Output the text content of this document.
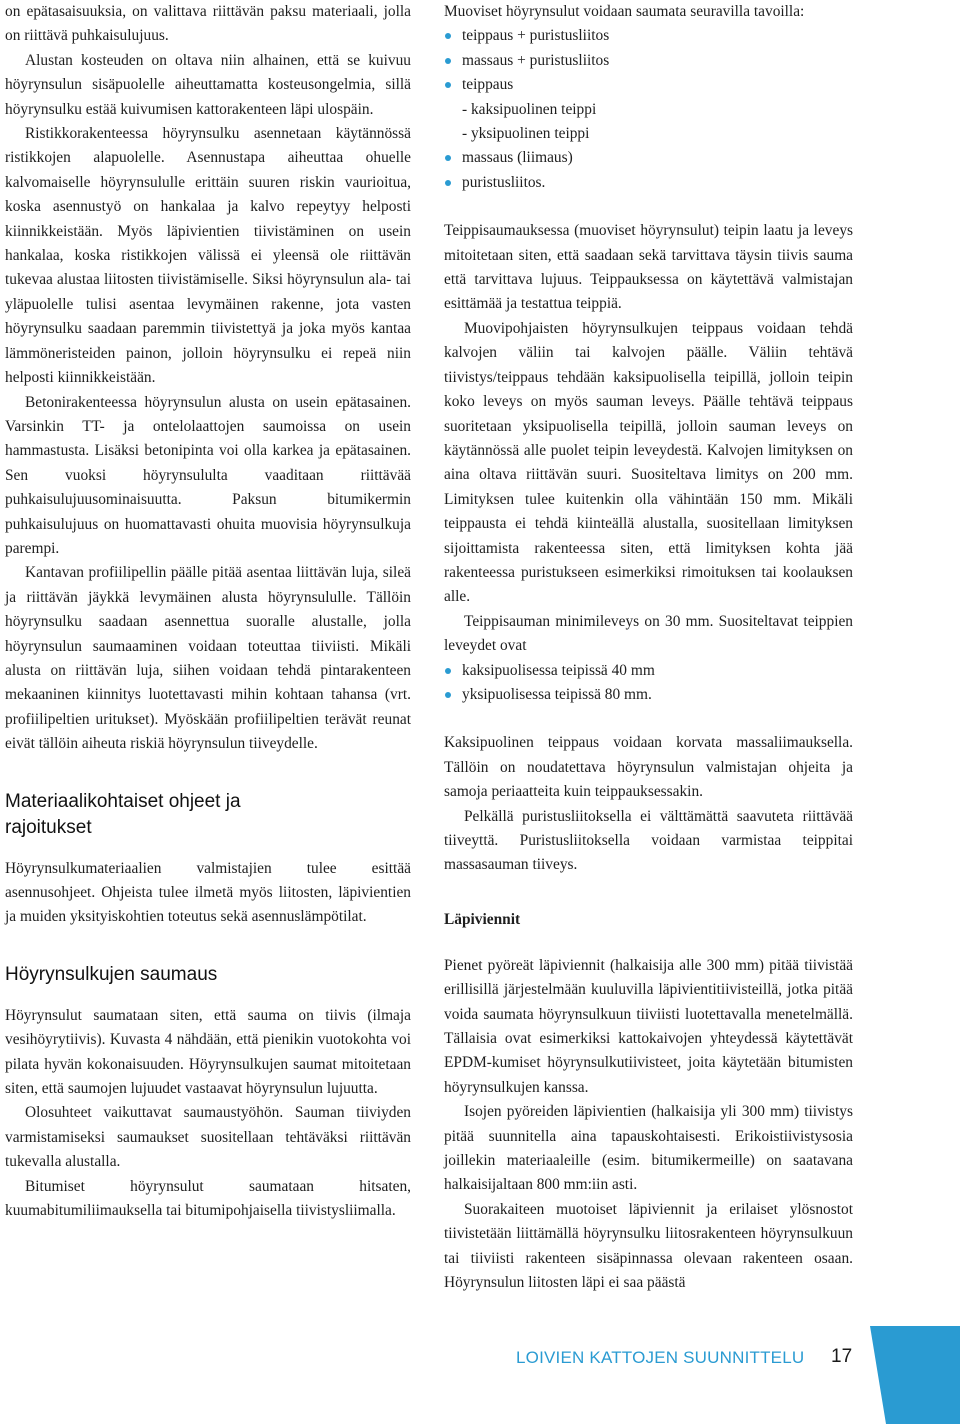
on epätasaisuuksia, on valittava riittävän paksu materiaali, jolla on riittävä puhkaisulujuus.

Alustan kosteuden on oltava niin alhainen, että se kuivuu höyrynsulun sisäpuolelle aiheuttamatta kosteusongelmia, sillä höyrynsulku estää kuivumisen kattorakenteen läpi ulospäin.

Ristikkorakenteessa höyrynsulku asennetaan käytännössä ristikkojen alapuolelle. Asennustapa aiheuttaa ohuelle kalvomaiselle höyrynsululle erittäin suuren riskin vaurioitua, koska asennustyö on hankalaa ja kalvo repeytyy helposti kiinnikkeistään. Myös läpivientien tiivistäminen on usein hankalaa, koska ristikkojen välissä ei yleensä ole riittävän tukevaa alustaa liitosten tiivistämiselle. Siksi höyrynsulun ala- tai yläpuolelle tulisi asentaa levymäinen rakenne, jota vasten höyrynsulku saadaan paremmin tiivistettyä ja joka myös kantaa lämmöneristeiden painon, jolloin höyrynsulku ei repeä niin helposti kiinnikkeistään.

Betonirakenteessa höyrynsulun alusta on usein epätasainen. Varsinkin TT- ja ontelolaattojen saumoissa on usein hammastusta. Lisäksi betonipinta voi olla karkea ja epätasainen. Sen vuoksi höyrynsululta vaaditaan riittävää puhkaisulujuusominaisuutta. Paksun bitumikermin puhkaisulujuus on huomattavasti ohuita muovisia höyrynsulkuja parempi.

Kantavan profiilipellin päälle pitää asentaa liittävän luja, sileä ja riittävän jäykkä levymäinen alusta höyrynsululle. Tällöin höyrynsulku saadaan asennettua suoralle alustalle, jolla höyrynsulun saumaaminen voidaan toteuttaa tiiviisti. Mikäli alusta on riittävän luja, siihen voidaan tehdä pintarakenteen mekaaninen kiinnitys luotettavasti mihin kohtaan tahansa (vrt. profiilipeltien uritukset). Myöskään profiilipeltien terävät reunat eivät tällöin aiheuta riskiä höyrynsulun tiiveydelle.

Materiaalikohtaiset ohjeet ja rajoitukset

Höyrynsulkumateriaalien valmistajien tulee esittää asennusohjeet. Ohjeista tulee ilmetä myös liitosten, läpivientien ja muiden yksityiskohtien toteutus sekä asennuslämpötilat.

Höyrynsulkujen saumaus

Höyrynsulut saumataan siten, että sauma on tiivis (ilmaja vesihöyrytiivis). Kuvasta 4 nähdään, että pienikin vuotokohta voi pilata hyvän kokonaisuuden. Höyrynsulkujen saumat mitoitetaan siten, että saumojen lujuudet vastaavat höyrynsulun lujuutta.

Olosuhteet vaikuttavat saumaustyöhön. Sauman tiiviyden varmistamiseksi saumaukset suositellaan tehtäväksi riittävän tukevalla alustalla.

Bitumiset höyrynsulut saumataan hitsaten, kuumabitumiliimauksella tai bitumipohjaisella tiivistysliimalla.

Muoviset höyrynsulut voidaan saumata seuravilla tavoilla:

teippaus + puristusliitos
massaus + puristusliitos
teippaus
- kaksipuolinen teippi
- yksipuolinen teippi
massaus (liimaus)
puristusliitos.

Teippisaumauksessa (muoviset höyrynsulut) teipin laatu ja leveys mitoitetaan siten, että saadaan sekä tarvittava täysin tiivis sauma että tarvittava lujuus. Teippauksessa on käytettävä valmistajan esittämää ja testattua teippiä.

Muovipohjaisten höyrynsulkujen teippaus voidaan tehdä kalvojen väliin tai kalvojen päälle. Väliin tehtävä tiivistys/teippaus tehdään kaksipuolisella teipillä, jolloin teipin koko leveys on myös sauman leveys. Päälle tehtävä teippaus suoritetaan yksipuolisella teipillä, jolloin sauman leveys on käytännössä alle puolet teipin leveydestä. Kalvojen limityksen on aina oltava riittävän suuri. Suositeltava limitys on 200 mm. Limityksen tulee kuitenkin olla vähintään 150 mm. Mikäli teippausta ei tehdä kiinteällä alustalla, suositellaan limityksen sijoittamista rakenteessa siten, että limityksen kohta jää rakenteessa puristukseen esimerkiksi rimoituksen tai koolauksen alle.

Teippisauman minimileveys on 30 mm. Suositeltavat teippien leveydet ovat

kaksipuolisessa teipissä 40 mm
yksipuolisessa teipissä 80 mm.

Kaksipuolinen teippaus voidaan korvata massaliimauksella. Tällöin on noudatettava höyrynsulun valmistajan ohjeita ja samoja periaatteita kuin teippauksessakin.

Pelkällä puristusliitoksella ei välttämättä saavuteta riittävää tiiveyttä. Puristusliitoksella voidaan varmistaa teippitai massasauman tiiveys.

Läpiviennit

Pienet pyöreät läpiviennit (halkaisija alle 300 mm) pitää tiivistää erillisillä järjestelmään kuuluvilla läpivientitiivisteillä, jotka pitää voida saumata höyrynsulkuun tiiviisti luotettavalla menetelmällä. Tällaisia ovat esimerkiksi kattokaivojen yhteydessä käytettävät EPDM-kumiset höyrynsulkutiivisteet, joita käytetään bitumisten höyrynsulkujen kanssa.

Isojen pyöreiden läpivientien (halkaisija yli 300 mm) tiivistys pitää suunnitella aina tapauskohtaisesti. Erikoistiivistysosia joillekin materiaaleille (esim. bitumikermeille) on saatavana halkaisijaltaan 800 mm:iin asti.

Suorakaiteen muotoiset läpiviennit ja erilaiset ylösnostot tiivistetään liittämällä höyrynsulku liitosrakenteen höyrynsulkuun tai tiiviisti rakenteen sisäpinnassa olevaan rakenteen osaan. Höyrynsulun liitosten läpi ei saa päästä

LOIVIEN KATTOJEN SUUNNITTELU 17
